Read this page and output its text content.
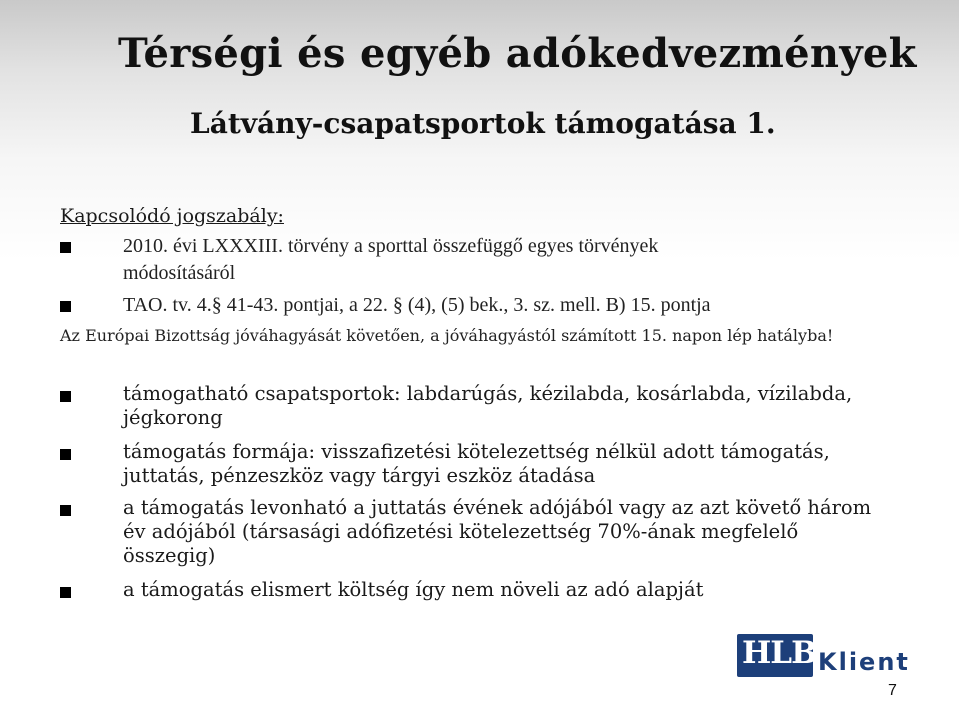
Térségi és egyéb adókedvezmények
Látvány-csapatsportok támogatása 1.
Kapcsolódó jogszabály:
2010. évi LXXXIII. törvény a sporttal összefüggő egyes törvények
módosításáról
TAO. tv. 4.§ 41-43. pontjai, a 22. § (4), (5) bek., 3. sz. mell. B) 15. pontja
Az Európai Bizottság jóváhagyását követően, a jóváhagyástól számított 15. napon lép hatályba!
támogatható csapatsportok: labdarúgás, kézilabda, kosárlabda, vízilabda,
jégkorong
támogatás formája: visszafizetési kötelezettség nélkül adott támogatás,
juttatás, pénzeszköz vagy tárgyi eszköz átadása
a támogatás levonható a juttatás évének adójából vagy az azt követő három
év adójából (társasági adófizetési kötelezettség 70%-ának megfelelő
összegig)
a támogatás elismert költség így nem növeli az adó alapját
HLB Klient
7
